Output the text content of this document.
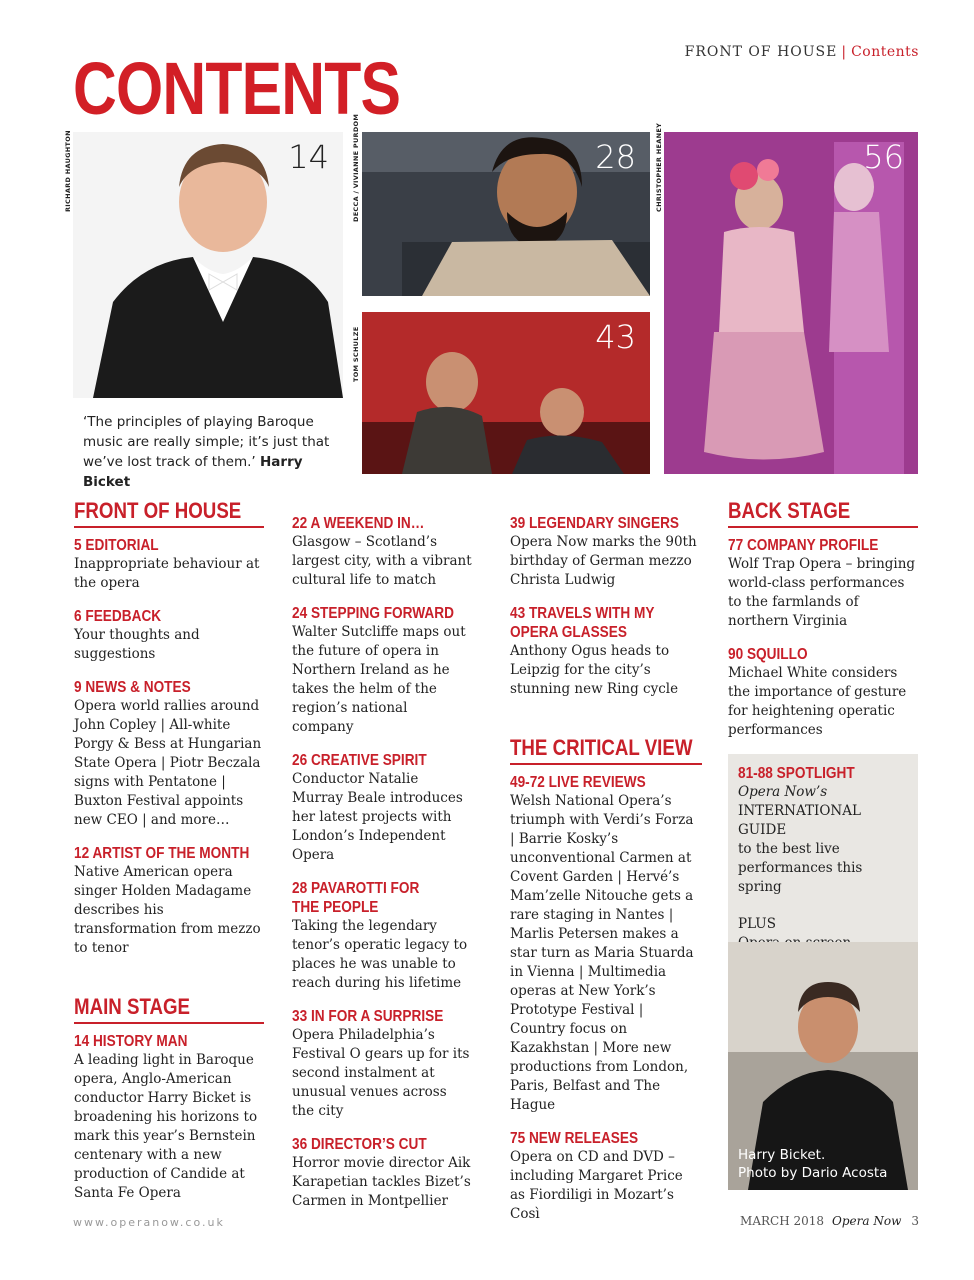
FRONT OF HOUSE | Contents
CONTENTS
RICHARD HAUGHTON	14
‘The principles of playing Baroque music are really simple; it’s just that we’ve lost track of them.’ Harry Bicket
DECCA / VIVIANNE PURDOM	28
TOM SCHULZE	43
CHRISTOPHER HEANEY	56
FRONT OF HOUSE
5 EDITORIAL
Inappropriate behaviour at the opera
6 FEEDBACK
Your thoughts and suggestions
9 NEWS & NOTES
Opera world rallies around John Copley | All-white Porgy & Bess at Hungarian State Opera | Piotr Beczala signs with Pentatone | Buxton Festival appoints new CEO | and more…
12 ARTIST OF THE MONTH
Native American opera singer Holden Madagame describes his transformation from mezzo to tenor
MAIN STAGE
14 HISTORY MAN
A leading light in Baroque opera, Anglo-American conductor Harry Bicket is broadening his horizons to mark this year’s Bernstein centenary with a new production of Candide at Santa Fe Opera
22 A WEEKEND IN…
Glasgow – Scotland’s largest city, with a vibrant cultural life to match
24 STEPPING FORWARD
Walter Sutcliffe maps out the future of opera in Northern Ireland as he takes the helm of the region’s national company
26 CREATIVE SPIRIT
Conductor Natalie Murray Beale introduces her latest projects with London’s Independent Opera
28 PAVAROTTI FOR
THE PEOPLE
Taking the legendary tenor’s operatic legacy to places he was unable to reach during his lifetime
33 IN FOR A SURPRISE
Opera Philadelphia’s Festival O gears up for its second instalment at unusual venues across the city
36 DIRECTOR’S CUT
Horror movie director Aik Karapetian tackles Bizet’s Carmen in Montpellier
39 LEGENDARY SINGERS
Opera Now marks the 90th birthday of German mezzo Christa Ludwig
43 TRAVELS WITH MY
OPERA GLASSES
Anthony Ogus heads to Leipzig for the city’s stunning new Ring cycle
THE CRITICAL VIEW
49-72 LIVE REVIEWS
Welsh National Opera’s triumph with Verdi’s Forza | Barrie Kosky’s unconventional Carmen at Covent Garden | Hervé’s Mam’zelle Nitouche gets a rare staging in Nantes | Marlis Petersen makes a star turn as Maria Stuarda in Vienna | Multimedia operas at New York’s Prototype Festival | Country focus on Kazakhstan | More new productions from London, Paris, Belfast and The Hague
75 NEW RELEASES
Opera on CD and DVD – including Margaret Price as Fiordiligi in Mozart’s Così
BACK STAGE
77 COMPANY PROFILE
Wolf Trap Opera – bringing world-class performances to the farmlands of northern Virginia
90 SQUILLO
Michael White considers the importance of gesture for heightening operatic performances
81-88 SPOTLIGHT
Opera Now’s
INTERNATIONAL GUIDE
to the best live performances this spring
PLUS
Harry Bicket.
Photo by Dario Acosta
www.operanow.co.uk	MARCH 2018 Opera Now 3
